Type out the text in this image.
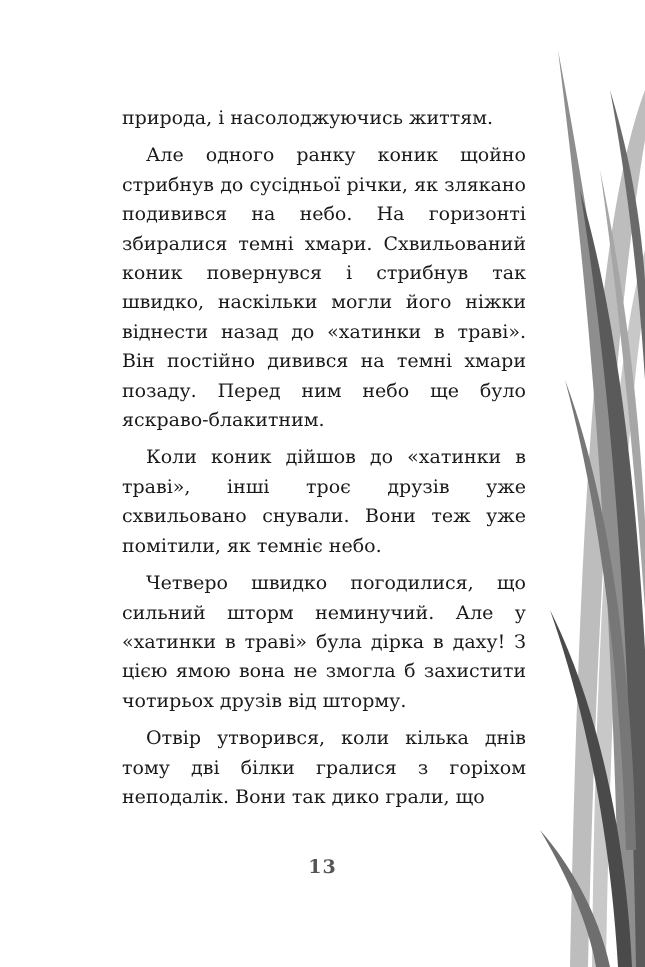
природа, і насолоджуючись життям.

Але одного ранку коник щойно стрибнув до сусідньої річки, як злякано подивився на небо. На горизонті збиралися темні хмари. Схвильований коник повернувся і стрибнув так швидко, наскільки могли його ніжки віднести назад до «хатинки в траві». Він постійно дивився на темні хмари позаду. Перед ним небо ще було яскраво-блакитним.

Коли коник дійшов до «хатинки в траві», інші троє друзів уже схвильовано снували. Вони теж уже помітили, як темніє небо.

Четверо швидко погодилися, що сильний шторм неминучий. Але у «хатинки в траві» була дірка в даху! З цією ямою вона не змогла б захистити чотирьох друзів від шторму.

Отвір утворився, коли кілька днів тому дві білки гралися з горіхом неподалік. Вони так дико грали, що

13
